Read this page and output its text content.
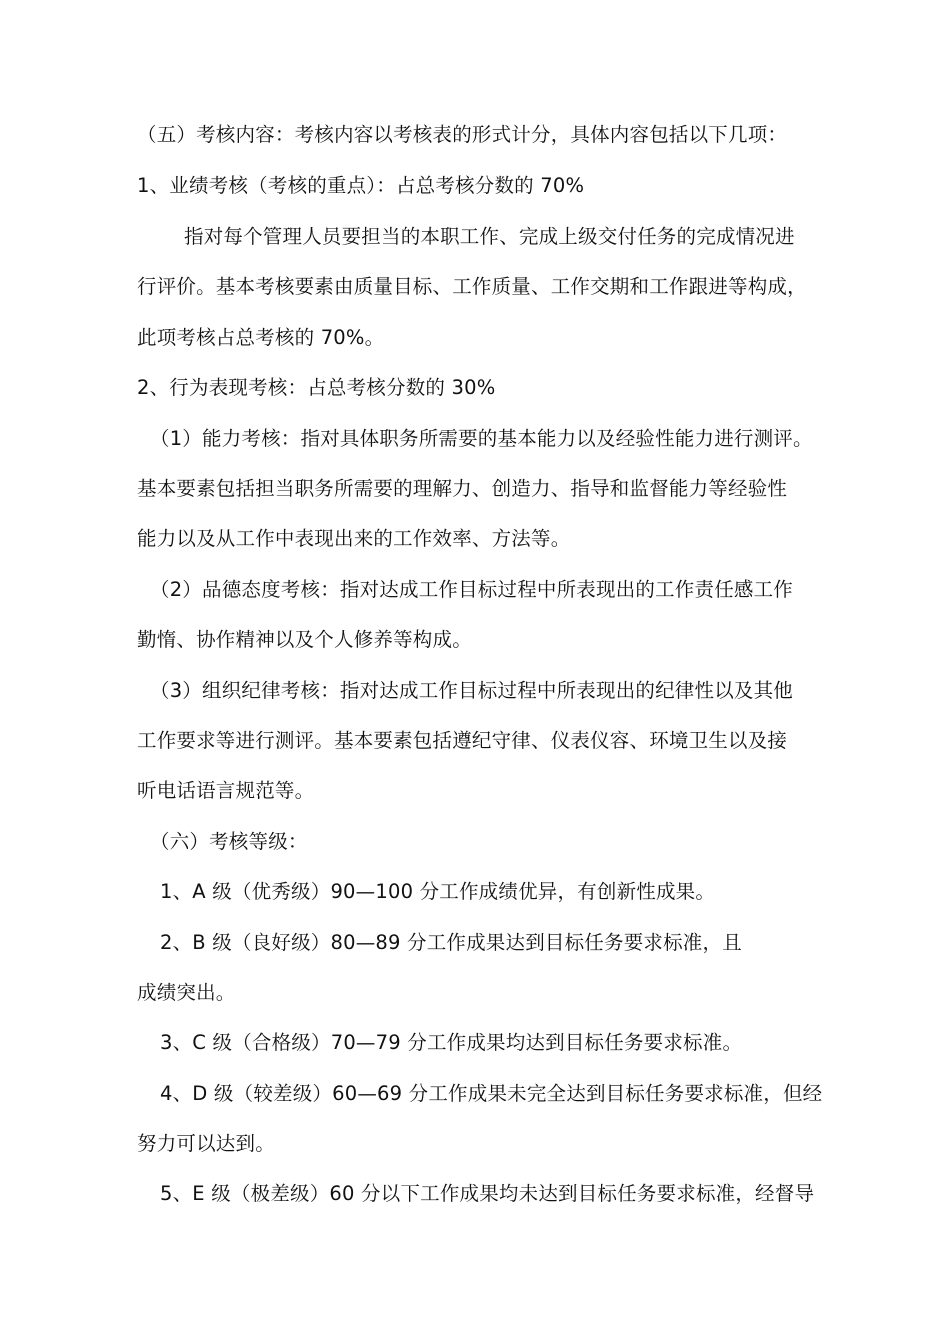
（五）考核内容：考核内容以考核表的形式计分，具体内容包括以下几项：
1、业绩考核（考核的重点）：占总考核分数的 70%
指对每个管理人员要担当的本职工作、完成上级交付任务的完成情况进
行评价。基本考核要素由质量目标、工作质量、工作交期和工作跟进等构成，
此项考核占总考核的 70%。
2、行为表现考核：占总考核分数的 30%
（1）能力考核：指对具体职务所需要的基本能力以及经验性能力进行测评。
基本要素包括担当职务所需要的理解力、创造力、指导和监督能力等经验性
能力以及从工作中表现出来的工作效率、方法等。
（2）品德态度考核：指对达成工作目标过程中所表现出的工作责任感工作
勤惰、协作精神以及个人修养等构成。
（3）组织纪律考核：指对达成工作目标过程中所表现出的纪律性以及其他
工作要求等进行测评。基本要素包括遵纪守律、仪表仪容、环境卫生以及接
听电话语言规范等。
（六）考核等级：
1、A 级（优秀级）90—100 分工作成绩优异，有创新性成果。
2、B 级（良好级）80—89 分工作成果达到目标任务要求标准，且
成绩突出。
3、C 级（合格级）70—79 分工作成果均达到目标任务要求标准。
4、D 级（较差级）60—69 分工作成果未完全达到目标任务要求标准，但经
努力可以达到。
5、E 级（极差级）60 分以下工作成果均未达到目标任务要求标准，经督导
